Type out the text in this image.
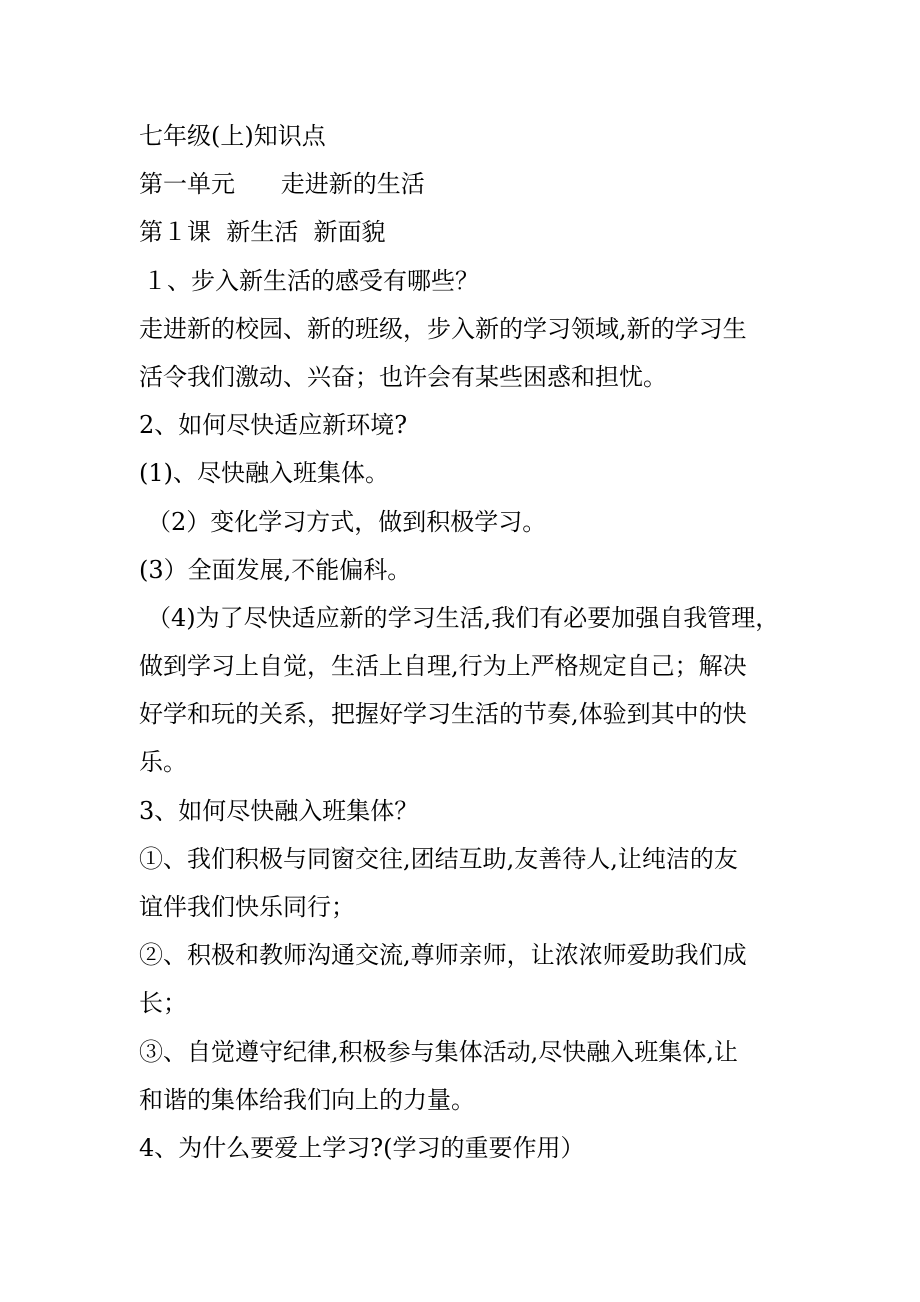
七年级(上)知识点
第一单元      走进新的生活
第１课  新生活  新面貌
１、步入新生活的感受有哪些？
走进新的校园、新的班级，步入新的学习领域,新的学习生
活令我们激动、兴奋；也许会有某些困惑和担忧。
2、如何尽快适应新环境?
(1)、尽快融入班集体。
（2）变化学习方式，做到积极学习。
(3）全面发展,不能偏科。
（4)为了尽快适应新的学习生活,我们有必要加强自我管理，
做到学习上自觉，生活上自理,行为上严格规定自己；解决
好学和玩的关系，把握好学习生活的节奏,体验到其中的快
乐。
3、如何尽快融入班集体？
①、我们积极与同窗交往,团结互助,友善待人,让纯洁的友
谊伴我们快乐同行；
②、积极和教师沟通交流,尊师亲师，让浓浓师爱助我们成
长；
③、自觉遵守纪律,积极参与集体活动,尽快融入班集体,让
和谐的集体给我们向上的力量。
4、为什么要爱上学习?(学习的重要作用）
